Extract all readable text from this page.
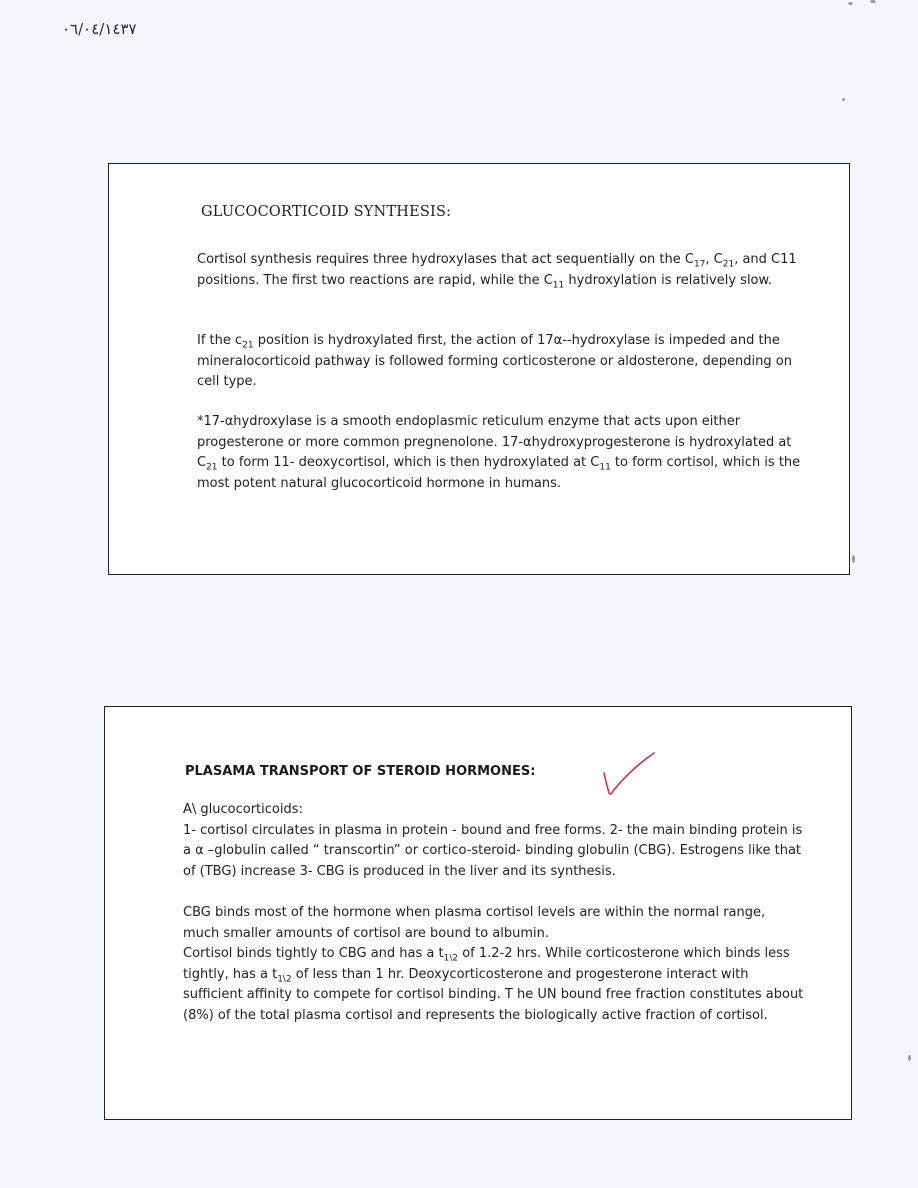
٠٦/٠٤/١٤٣٧
GLUCOCORTICOID SYNTHESIS:
Cortisol synthesis requires three hydroxylases that act sequentially on the $C_{17}$, $C_{21}$, and C11 positions. The first two reactions are rapid, while the $C_{11}$ hydroxylation is relatively slow.
If the $c_{21}$ position is hydroxylated first, the action of 17α--hydroxylase is impeded and the mineralocorticoid pathway is followed forming corticosterone or aldosterone, depending on cell type.
*17-αhydroxylase is a smooth endoplasmic reticulum enzyme that acts upon either progesterone or more common pregnenolone. 17-αhydroxyprogesterone is hydroxylated at $C_{21}$ to form 11- deoxycortisol, which is then hydroxylated at $C_{11}$ to form cortisol, which is the most potent natural glucocorticoid hormone in humans.
PLASAMA TRANSPORT OF STEROID HORMONES:
A\ glucocorticoids:
1- cortisol circulates in plasma in protein - bound and free forms. 2- the main binding protein is a α –globulin called “ transcortin” or cortico-steroid- binding globulin (CBG). Estrogens like that of (TBG) increase 3- CBG is produced in the liver and its synthesis.
CBG binds most of the hormone when plasma cortisol levels are within the normal range, much smaller amounts of cortisol are bound to albumin.
Cortisol binds tightly to CBG and has a $t_{1\backslash 2}$ of 1.2-2 hrs. While corticosterone which binds less tightly, has a $t_{1\backslash 2}$ of less than 1 hr. Deoxycorticosterone and progesterone interact with sufficient affinity to compete for cortisol binding. T he UN bound free fraction constitutes about (8%) of the total plasma cortisol and represents the biologically active fraction of cortisol.
